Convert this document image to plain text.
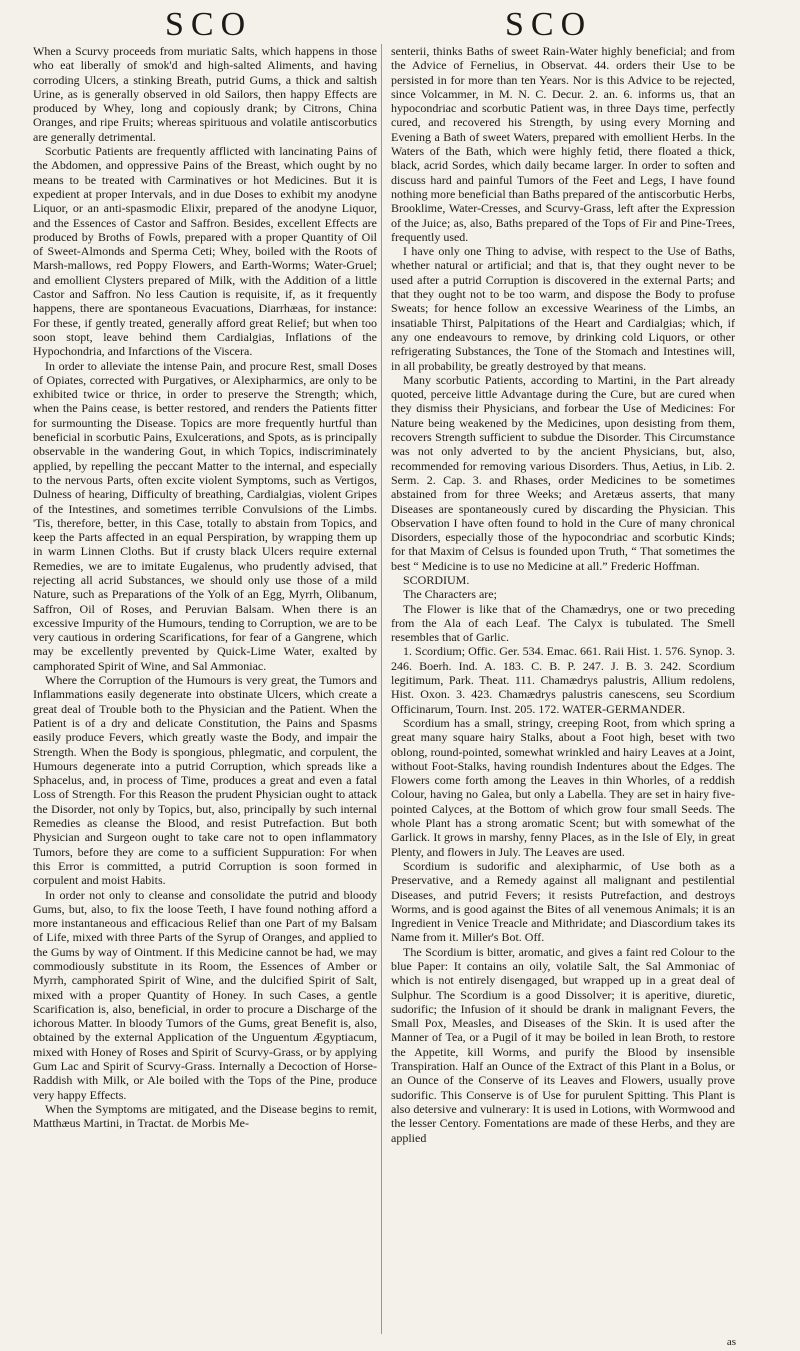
SCO	SCO

When a Scurvy proceeds from muriatic Salts, which happens in those who eat liberally of smok'd and high-salted Aliments, and having corroding Ulcers, a stinking Breath, putrid Gums, a thick and saltish Urine, as is generally observed in old Sailors, then happy Effects are produced by Whey, long and copiously drank; by Citrons, China Oranges, and ripe Fruits; whereas spirituous and volatile antiscorbutics are generally detrimental.

Scorbutic Patients are frequently afflicted with lancinating Pains of the Abdomen, and oppressive Pains of the Breast, which ought by no means to be treated with Carminatives or hot Medicines. But it is expedient at proper Intervals, and in due Doses to exhibit my anodyne Liquor, or an anti-spasmodic Elixir, prepared of the anodyne Liquor, and the Essences of Castor and Saffron. Besides, excellent Effects are produced by Broths of Fowls, prepared with a proper Quantity of Oil of Sweet-Almonds and Sperma Ceti; Whey, boiled with the Roots of Marsh-mallows, red Poppy Flowers, and Earth-Worms; Water-Gruel; and emollient Clysters prepared of Milk, with the Addition of a little Castor and Saffron. No less Caution is requisite, if, as it frequently happens, there are spontaneous Evacuations, Diarrhæas, for instance: For these, if gently treated, generally afford great Relief; but when too soon stopt, leave behind them Cardialgias, Inflations of the Hypochondria, and Infarctions of the Viscera.

In order to alleviate the intense Pain, and procure Rest, small Doses of Opiates, corrected with Purgatives, or Alexipharmics, are only to be exhibited twice or thrice, in order to preserve the Strength; which, when the Pains cease, is better restored, and renders the Patients fitter for surmounting the Disease. Topics are more frequently hurtful than beneficial in scorbutic Pains, Exulcerations, and Spots, as is principally observable in the wandering Gout, in which Topics, indiscriminately applied, by repelling the peccant Matter to the internal, and especially to the nervous Parts, often excite violent Symptoms, such as Vertigos, Dulness of hearing, Difficulty of breathing, Cardialgias, violent Gripes of the Intestines, and sometimes terrible Convulsions of the Limbs. 'Tis, therefore, better, in this Case, totally to abstain from Topics, and keep the Parts affected in an equal Perspiration, by wrapping them up in warm Linnen Cloths. But if crusty black Ulcers require external Remedies, we are to imitate Eugalenus, who prudently advised, that rejecting all acrid Substances, we should only use those of a mild Nature, such as Preparations of the Yolk of an Egg, Myrrh, Olibanum, Saffron, Oil of Roses, and Peruvian Balsam. When there is an excessive Impurity of the Humours, tending to Corruption, we are to be very cautious in ordering Scarifications, for fear of a Gangrene, which may be excellently prevented by Quick-Lime Water, exalted by camphorated Spirit of Wine, and Sal Ammoniac.

Where the Corruption of the Humours is very great, the Tumors and Inflammations easily degenerate into obstinate Ulcers, which create a great deal of Trouble both to the Physician and the Patient. When the Patient is of a dry and delicate Constitution, the Pains and Spasms easily produce Fevers, which greatly waste the Body, and impair the Strength. When the Body is spongious, phlegmatic, and corpulent, the Humours degenerate into a putrid Corruption, which spreads like a Sphacelus, and, in process of Time, produces a great and even a fatal Loss of Strength. For this Reason the prudent Physician ought to attack the Disorder, not only by Topics, but, also, principally by such internal Remedies as cleanse the Blood, and resist Putrefaction. But both Physician and Surgeon ought to take care not to open inflammatory Tumors, before they are come to a sufficient Suppuration: For when this Error is committed, a putrid Corruption is soon formed in corpulent and moist Habits.

In order not only to cleanse and consolidate the putrid and bloody Gums, but, also, to fix the loose Teeth, I have found nothing afford a more instantaneous and efficacious Relief than one Part of my Balsam of Life, mixed with three Parts of the Syrup of Oranges, and applied to the Gums by way of Ointment. If this Medicine cannot be had, we may commodiously substitute in its Room, the Essences of Amber or Myrrh, camphorated Spirit of Wine, and the dulcified Spirit of Salt, mixed with a proper Quantity of Honey. In such Cases, a gentle Scarification is, also, beneficial, in order to procure a Discharge of the ichorous Matter. In bloody Tumors of the Gums, great Benefit is, also, obtained by the external Application of the Unguentum Ægyptiacum, mixed with Honey of Roses and Spirit of Scurvy-Grass, or by applying Gum Lac and Spirit of Scurvy-Grass. Internally a Decoction of Horse-Raddish with Milk, or Ale boiled with the Tops of the Pine, produce very happy Effects.

When the Symptoms are mitigated, and the Disease begins to remit, Matthæus Martini, in Tractat. de Morbis Me-

senterii, thinks Baths of sweet Rain-Water highly beneficial; and from the Advice of Fernelius, in Observat. 44. orders their Use to be persisted in for more than ten Years. Nor is this Advice to be rejected, since Volcammer, in M. N. C. Decur. 2. an. 6. informs us, that an hypocondriac and scorbutic Patient was, in three Days time, perfectly cured, and recovered his Strength, by using every Morning and Evening a Bath of sweet Waters, prepared with emollient Herbs. In the Waters of the Bath, which were highly fetid, there floated a thick, black, acrid Sordes, which daily became larger. In order to soften and discuss hard and painful Tumors of the Feet and Legs, I have found nothing more beneficial than Baths prepared of the antiscorbutic Herbs, Brooklime, Water-Cresses, and Scurvy-Grass, left after the Expression of the Juice; as, also, Baths prepared of the Tops of Fir and Pine-Trees, frequently used.

I have only one Thing to advise, with respect to the Use of Baths, whether natural or artificial; and that is, that they ought never to be used after a putrid Corruption is discovered in the external Parts; and that they ought not to be too warm, and dispose the Body to profuse Sweats; for hence follow an excessive Weariness of the Limbs, an insatiable Thirst, Palpitations of the Heart and Cardialgias; which, if any one endeavours to remove, by drinking cold Liquors, or other refrigerating Substances, the Tone of the Stomach and Intestines will, in all probability, be greatly destroyed by that means.

Many scorbutic Patients, according to Martini, in the Part already quoted, perceive little Advantage during the Cure, but are cured when they dismiss their Physicians, and forbear the Use of Medicines: For Nature being weakened by the Medicines, upon desisting from them, recovers Strength sufficient to subdue the Disorder. This Circumstance was not only adverted to by the ancient Physicians, but, also, recommended for removing various Disorders. Thus, Aetius, in Lib. 2. Serm. 2. Cap. 3. and Rhases, order Medicines to be sometimes abstained from for three Weeks; and Aretæus asserts, that many Diseases are spontaneously cured by discarding the Physician. This Observation I have often found to hold in the Cure of many chronical Disorders, especially those of the hypocondriac and scorbutic Kinds; for that Maxim of Celsus is founded upon Truth, “ That sometimes the best “ Medicine is to use no Medicine at all.” Frederic Hoffman.

SCORDIUM.

The Characters are;

The Flower is like that of the Chamædrys, one or two preceding from the Ala of each Leaf. The Calyx is tubulated. The Smell resembles that of Garlic.

1. Scordium; Offic. Ger. 534. Emac. 661. Raii Hist. 1. 576. Synop. 3. 246. Boerh. Ind. A. 183. C. B. P. 247. J. B. 3. 242. Scordium legitimum, Park. Theat. 111. Chamædrys palustris, Allium redolens, Hist. Oxon. 3. 423. Chamædrys palustris canescens, seu Scordium Officinarum, Tourn. Inst. 205. 172. WATER-GERMANDER.

Scordium has a small, stringy, creeping Root, from which spring a great many square hairy Stalks, about a Foot high, beset with two oblong, round-pointed, somewhat wrinkled and hairy Leaves at a Joint, without Foot-Stalks, having roundish Indentures about the Edges. The Flowers come forth among the Leaves in thin Whorles, of a reddish Colour, having no Galea, but only a Labella. They are set in hairy five-pointed Calyces, at the Bottom of which grow four small Seeds. The whole Plant has a strong aromatic Scent; but with somewhat of the Garlick. It grows in marshy, fenny Places, as in the Isle of Ely, in great Plenty, and flowers in July. The Leaves are used.

Scordium is sudorific and alexipharmic, of Use both as a Preservative, and a Remedy against all malignant and pestilential Diseases, and putrid Fevers; it resists Putrefaction, and destroys Worms, and is good against the Bites of all venemous Animals; it is an Ingredient in Venice Treacle and Mithridate; and Diascordium takes its Name from it. Miller's Bot. Off.

The Scordium is bitter, aromatic, and gives a faint red Colour to the blue Paper: It contains an oily, volatile Salt, the Sal Ammoniac of which is not entirely disengaged, but wrapped up in a great deal of Sulphur. The Scordium is a good Dissolver; it is aperitive, diuretic, sudorific; the Infusion of it should be drank in malignant Fevers, the Small Pox, Measles, and Diseases of the Skin. It is used after the Manner of Tea, or a Pugil of it may be boiled in lean Broth, to restore the Appetite, kill Worms, and purify the Blood by insensible Transpiration. Half an Ounce of the Extract of this Plant in a Bolus, or an Ounce of the Conserve of its Leaves and Flowers, usually prove sudorific. This Conserve is of Use for purulent Spitting. This Plant is also detersive and vulnerary: It is used in Lotions, with Wormwood and the lesser Centory. Fomentations are made of these Herbs, and they are applied

as
